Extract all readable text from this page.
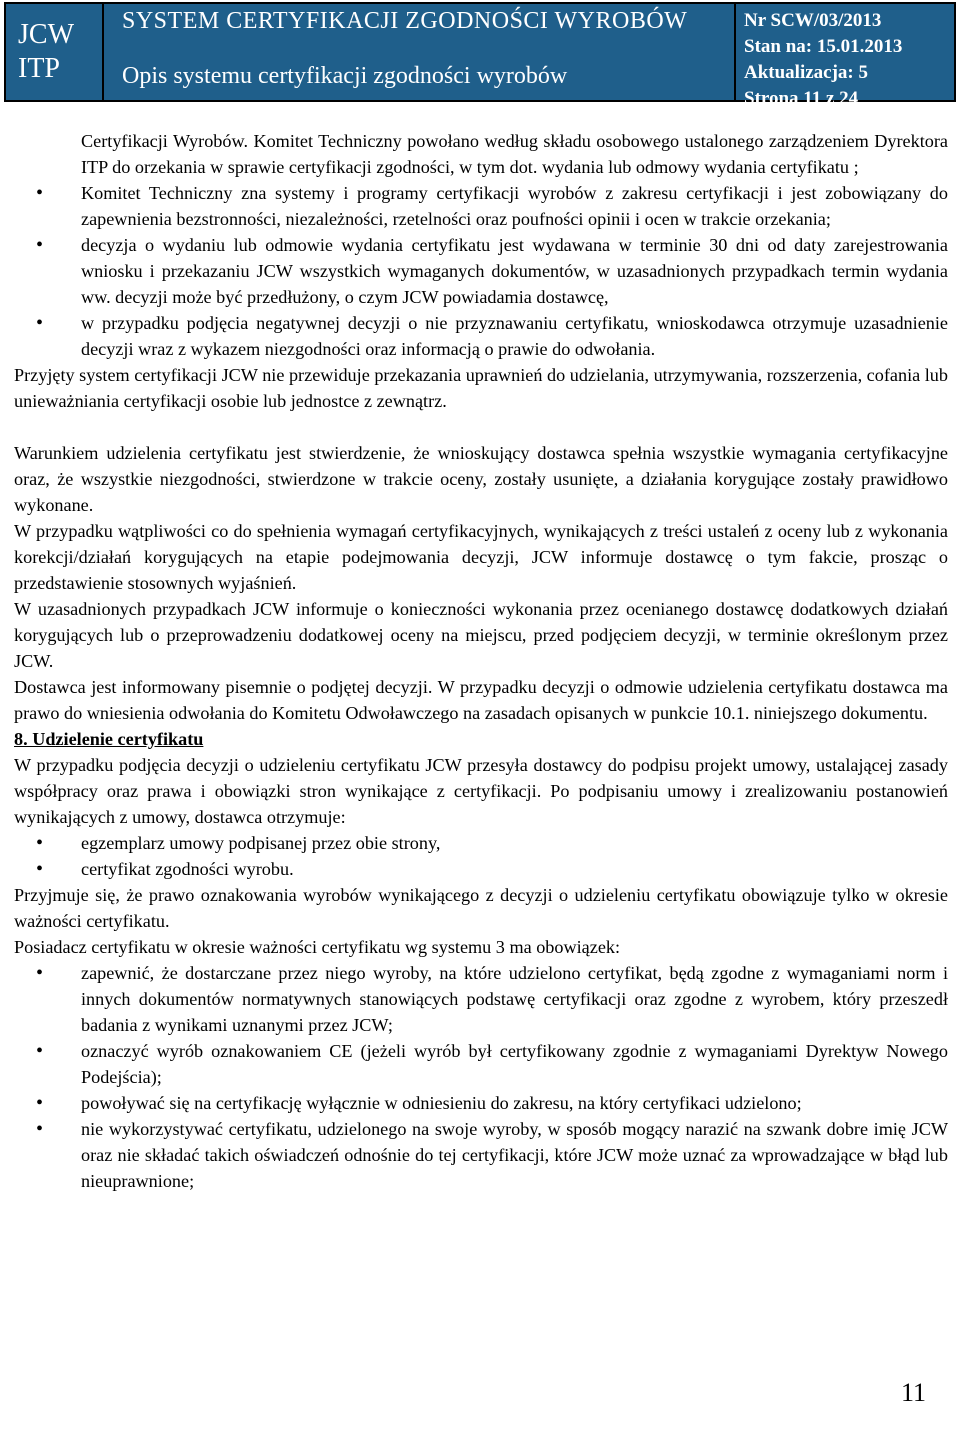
JCW
ITP
SYSTEM CERTYFIKACJI ZGODNOŚCI WYROBÓW
Opis systemu certyfikacji zgodności wyrobów
Nr SCW/03/2013
Stan na: 15.01.2013
Aktualizacja: 5
Strona 11 z 24

Certyfikacji Wyrobów. Komitet Techniczny powołano według składu osobowego ustalonego zarządzeniem Dyrektora ITP do orzekania w sprawie certyfikacji zgodności, w tym dot. wydania lub odmowy wydania certyfikatu ;

• Komitet Techniczny zna systemy i programy certyfikacji wyrobów z zakresu certyfikacji i jest zobowiązany do zapewnienia bezstronności, niezależności, rzetelności oraz poufności opinii i ocen w trakcie orzekania;
• decyzja o wydaniu lub odmowie wydania certyfikatu jest wydawana w terminie 30 dni od daty zarejestrowania wniosku i przekazaniu JCW wszystkich wymaganych dokumentów, w uzasadnionych przypadkach termin wydania ww. decyzji może być przedłużony, o czym JCW powiadamia dostawcę,
• w przypadku podjęcia negatywnej decyzji o nie przyznawaniu certyfikatu, wnioskodawca otrzymuje uzasadnienie decyzji wraz z wykazem niezgodności oraz informacją o prawie do odwołania.

Przyjęty system certyfikacji JCW nie przewiduje przekazania uprawnień do udzielania, utrzymywania, rozszerzenia, cofania lub unieważniania certyfikacji osobie lub jednostce z zewnątrz.

Warunkiem udzielenia certyfikatu jest stwierdzenie, że wnioskujący dostawca spełnia wszystkie wymagania certyfikacyjne oraz, że wszystkie niezgodności, stwierdzone w trakcie oceny, zostały usunięte, a działania korygujące zostały prawidłowo wykonane.

W przypadku wątpliwości co do spełnienia wymagań certyfikacyjnych, wynikających z treści ustaleń z oceny lub z wykonania korekcji/działań korygujących na etapie podejmowania decyzji, JCW informuje dostawcę o tym fakcie, prosząc o przedstawienie stosownych wyjaśnień.

W uzasadnionych przypadkach JCW informuje o konieczności wykonania przez ocenianego dostawcę dodatkowych działań korygujących lub o przeprowadzeniu dodatkowej oceny na miejscu, przed podjęciem decyzji, w terminie określonym przez JCW.

Dostawca jest informowany pisemnie o podjętej decyzji. W przypadku decyzji o odmowie udzielenia certyfikatu dostawca ma prawo do wniesienia odwołania do Komitetu Odwoławczego na zasadach opisanych w punkcie 10.1. niniejszego dokumentu.

8. Udzielenie certyfikatu

W przypadku podjęcia decyzji o udzieleniu certyfikatu JCW przesyła dostawcy do podpisu projekt umowy, ustalającej zasady współpracy oraz prawa i obowiązki stron wynikające z certyfikacji. Po podpisaniu umowy i zrealizowaniu postanowień wynikających z umowy, dostawca otrzymuje:

• egzemplarz umowy podpisanej przez obie strony,
• certyfikat zgodności wyrobu.

Przyjmuje się, że prawo oznakowania wyrobów wynikającego z decyzji o udzieleniu certyfikatu obowiązuje tylko w okresie ważności certyfikatu.

Posiadacz certyfikatu w okresie ważności certyfikatu wg systemu 3 ma obowiązek:

• zapewnić, że dostarczane przez niego wyroby, na które udzielono certyfikat, będą zgodne z wymaganiami norm i innych dokumentów normatywnych stanowiących podstawę certyfikacji oraz zgodne z wyrobem, który przeszedł badania z wynikami uznanymi przez JCW;
• oznaczyć wyrób oznakowaniem CE (jeżeli wyrób był certyfikowany zgodnie z wymaganiami Dyrektyw Nowego Podejścia);
• powoływać się na certyfikację wyłącznie w odniesieniu do zakresu, na który certyfikaci udzielono;
• nie wykorzystywać certyfikatu, udzielonego na swoje wyroby, w sposób mogący narazić na szwank dobre imię JCW oraz nie składać takich oświadczeń odnośnie do tej certyfikacji, które JCW może uznać za wprowadzające w błąd lub nieuprawnione;
11
